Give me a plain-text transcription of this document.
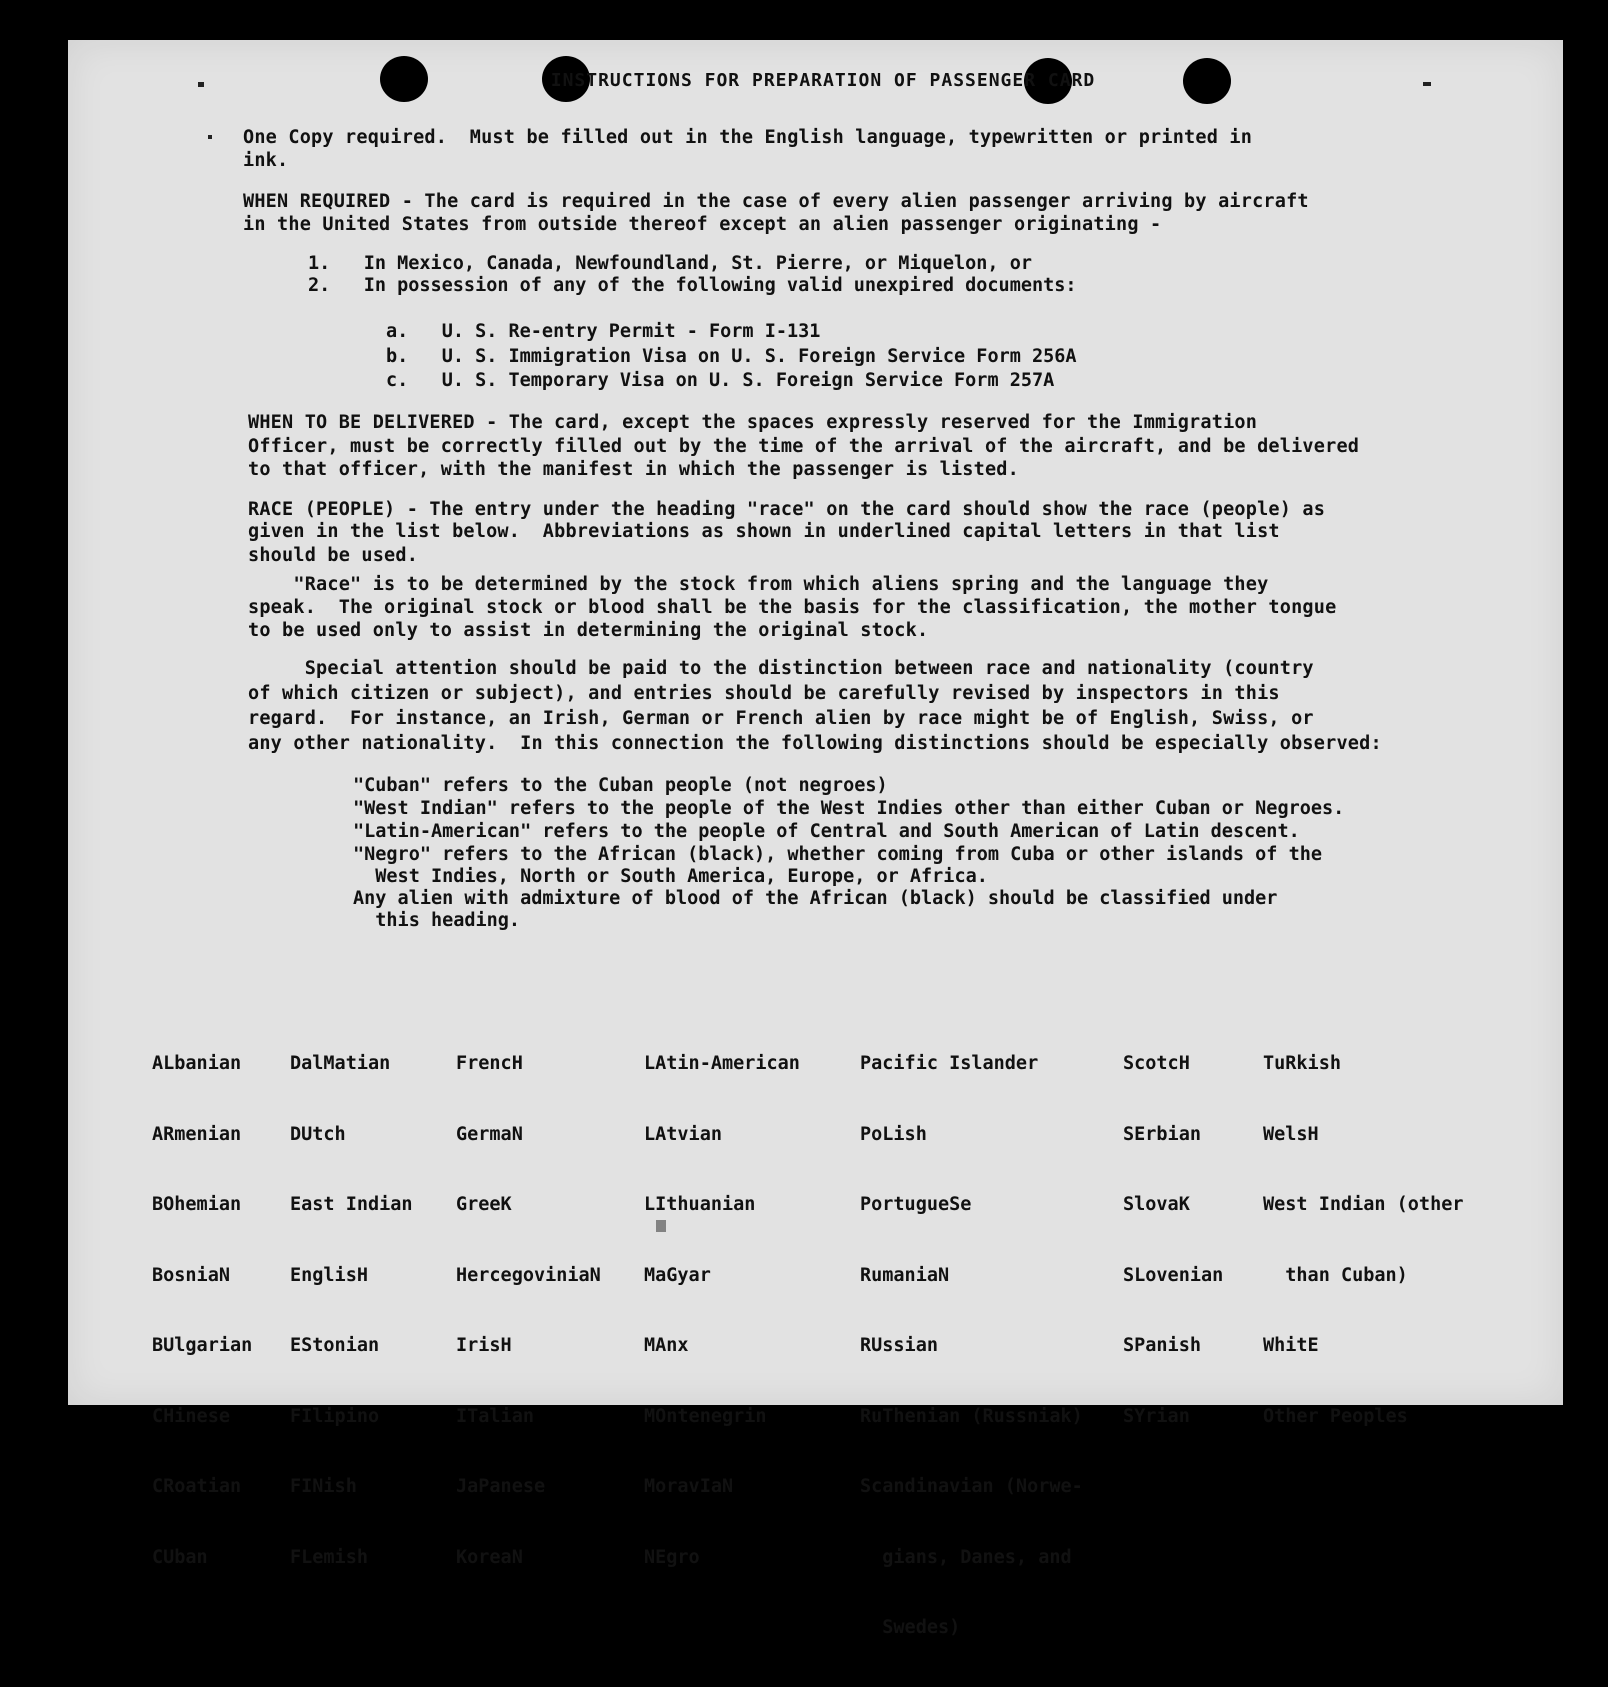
INSTRUCTIONS FOR PREPARATION OF PASSENGER CARD
One Copy required.  Must be filled out in the English language, typewritten or printed in
ink.
WHEN REQUIRED - The card is required in the case of every alien passenger arriving by aircraft
in the United States from outside thereof except an alien passenger originating -
1.   In Mexico, Canada, Newfoundland, St. Pierre, or Miquelon, or
2.   In possession of any of the following valid unexpired documents:
a.   U. S. Re-entry Permit - Form I-131
b.   U. S. Immigration Visa on U. S. Foreign Service Form 256A
c.   U. S. Temporary Visa on U. S. Foreign Service Form 257A
WHEN TO BE DELIVERED - The card, except the spaces expressly reserved for the Immigration
Officer, must be correctly filled out by the time of the arrival of the aircraft, and be delivered
to that officer, with the manifest in which the passenger is listed.
RACE (PEOPLE) - The entry under the heading "race" on the card should show the race (people) as
given in the list below.  Abbreviations as shown in underlined capital letters in that list
should be used.
"Race" is to be determined by the stock from which aliens spring and the language they
speak.  The original stock or blood shall be the basis for the classification, the mother tongue
to be used only to assist in determining the original stock.
Special attention should be paid to the distinction between race and nationality (country
of which citizen or subject), and entries should be carefully revised by inspectors in this
regard.  For instance, an Irish, German or French alien by race might be of English, Swiss, or
any other nationality.  In this connection the following distinctions should be especially observed:
"Cuban" refers to the Cuban people (not negroes)
"West Indian" refers to the people of the West Indies other than either Cuban or Negroes.
"Latin-American" refers to the people of Central and South American of Latin descent.
"Negro" refers to the African (black), whether coming from Cuba or other islands of the
West Indies, North or South America, Europe, or Africa.
Any alien with admixture of blood of the African (black) should be classified under
this heading.

ALbanian

ARmenian

BOhemian

BosniaN

BUlgarian

CHinese

CRoatian

CUban

DalMatian

DUtch

East Indian

EnglisH

EStonian

FIlipino

FINish

FLemish

FrencH

GermaN

GreeK

HercegoviniaN

IrisH

ITalian

JaPanese

KoreaN

LAtin-American

LAtvian

LIthuanian

MaGyar

MAnx

MOntenegrin

MoravIaN

NEgro

Pacific Islander

PoLish

PortugueSe

RumaniaN

RUssian

RuThenian (Russniak)

Scandinavian (Norwe-

gians, Danes, and

Swedes)

ScotcH

SErbian

SlovaK

SLovenian

SPanish

SYrian

TuRkish

WelsH

West Indian (other

than Cuban)

WhitE

Other Peoples
